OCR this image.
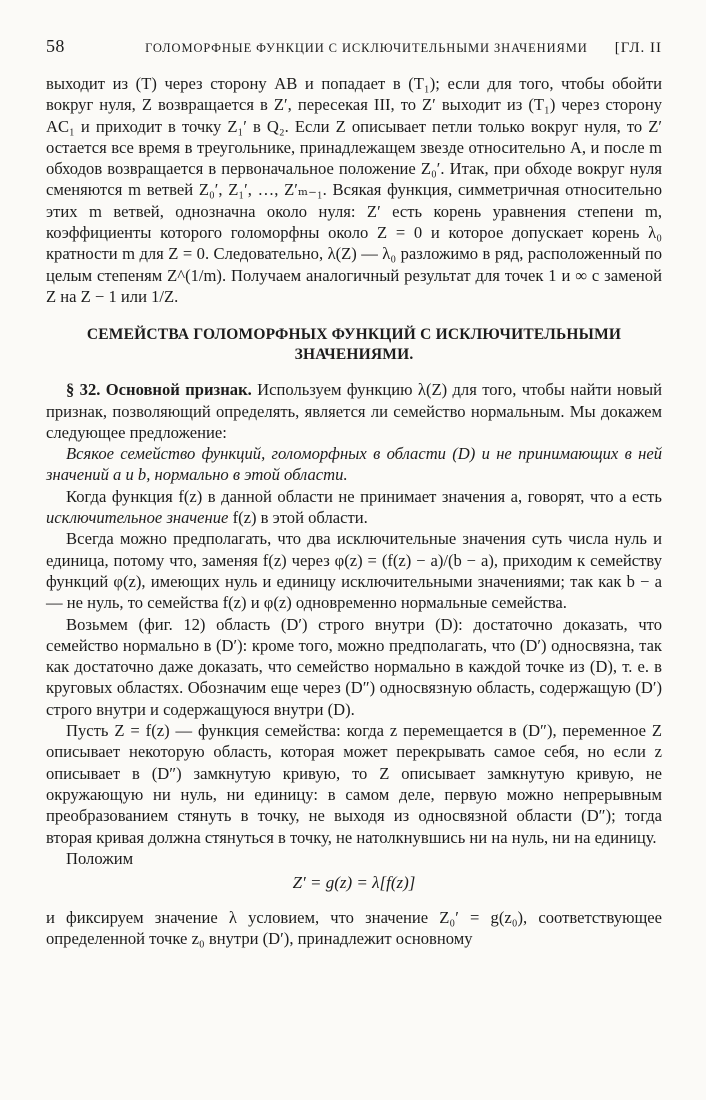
58	ГОЛОМОРФНЫЕ ФУНКЦИИ С ИСКЛЮЧИТЕЛЬНЫМИ ЗНАЧЕНИЯМИ	[ГЛ. II

выходит из (T) через сторону AB и попадает в (T₁); если для того, чтобы обойти вокруг нуля, Z возвращается в Z′, пересекая III, то Z′ выходит из (T₁) через сторону AC₁ и приходит в точку Z₁′ в Q₂. Если Z описывает петли только вокруг нуля, то Z′ остается все время в треугольнике, принадлежащем звезде относительно A, и после m обходов возвращается в первоначальное положение Z₀′. Итак, при обходе вокруг нуля сменяются m ветвей Z₀′, Z₁′, …, Z′ₘ₋₁. Всякая функция, симметричная относительно этих m ветвей, однозначна около нуля: Z′ есть корень уравнения степени m, коэффициенты которого голоморфны около Z = 0 и которое допускает корень λ₀ кратности m для Z = 0. Следовательно, λ(Z) — λ₀ разложимо в ряд, расположенный по целым степеням Z^(1/m). Получаем аналогичный результат для точек 1 и ∞ с заменой Z на Z − 1 или 1/Z.

СЕМЕЙСТВА ГОЛОМОРФНЫХ ФУНКЦИЙ С ИСКЛЮЧИТЕЛЬНЫМИ
ЗНАЧЕНИЯМИ.

§ 32. Основной признак. Используем функцию λ(Z) для того, чтобы найти новый признак, позволяющий определять, является ли семейство нормальным. Мы докажем следующее предложение:

Всякое семейство функций, голоморфных в области (D) и не принимающих в ней значений a и b, нормально в этой области.

Когда функция f(z) в данной области не принимает значения a, говорят, что a есть исключительное значение f(z) в этой области.

Всегда можно предполагать, что два исключительные значения суть числа нуль и единица, потому что, заменяя f(z) через φ(z) = (f(z) − a)/(b − a), приходим к семейству функций φ(z), имеющих нуль и единицу исключительными значениями; так как b − a — не нуль, то семейства f(z) и φ(z) одновременно нормальные семейства.

Возьмем (фиг. 12) область (D′) строго внутри (D): достаточно доказать, что семейство нормально в (D′): кроме того, можно предполагать, что (D′) односвязна, так как достаточно даже доказать, что семейство нормально в каждой точке из (D), т. е. в круговых областях. Обозначим еще через (D″) односвязную область, содержащую (D′) строго внутри и содержащуюся внутри (D).

Пусть Z = f(z) — функция семейства: когда z перемещается в (D″), переменное Z описывает некоторую область, которая может перекрывать самое себя, но если z описывает в (D″) замкнутую кривую, то Z описывает замкнутую кривую, не окружающую ни нуль, ни единицу: в самом деле, первую можно непрерывным преобразованием стянуть в точку, не выходя из односвязной области (D″); тогда вторая кривая должна стянуться в точку, не натолкнувшись ни на нуль, ни на единицу.

Положим

Z′ = g(z) = λ[f(z)]

и фиксируем значение λ условием, что значение Z₀′ = g(z₀), соответствующее определенной точке z₀ внутри (D′), принадлежит основному
